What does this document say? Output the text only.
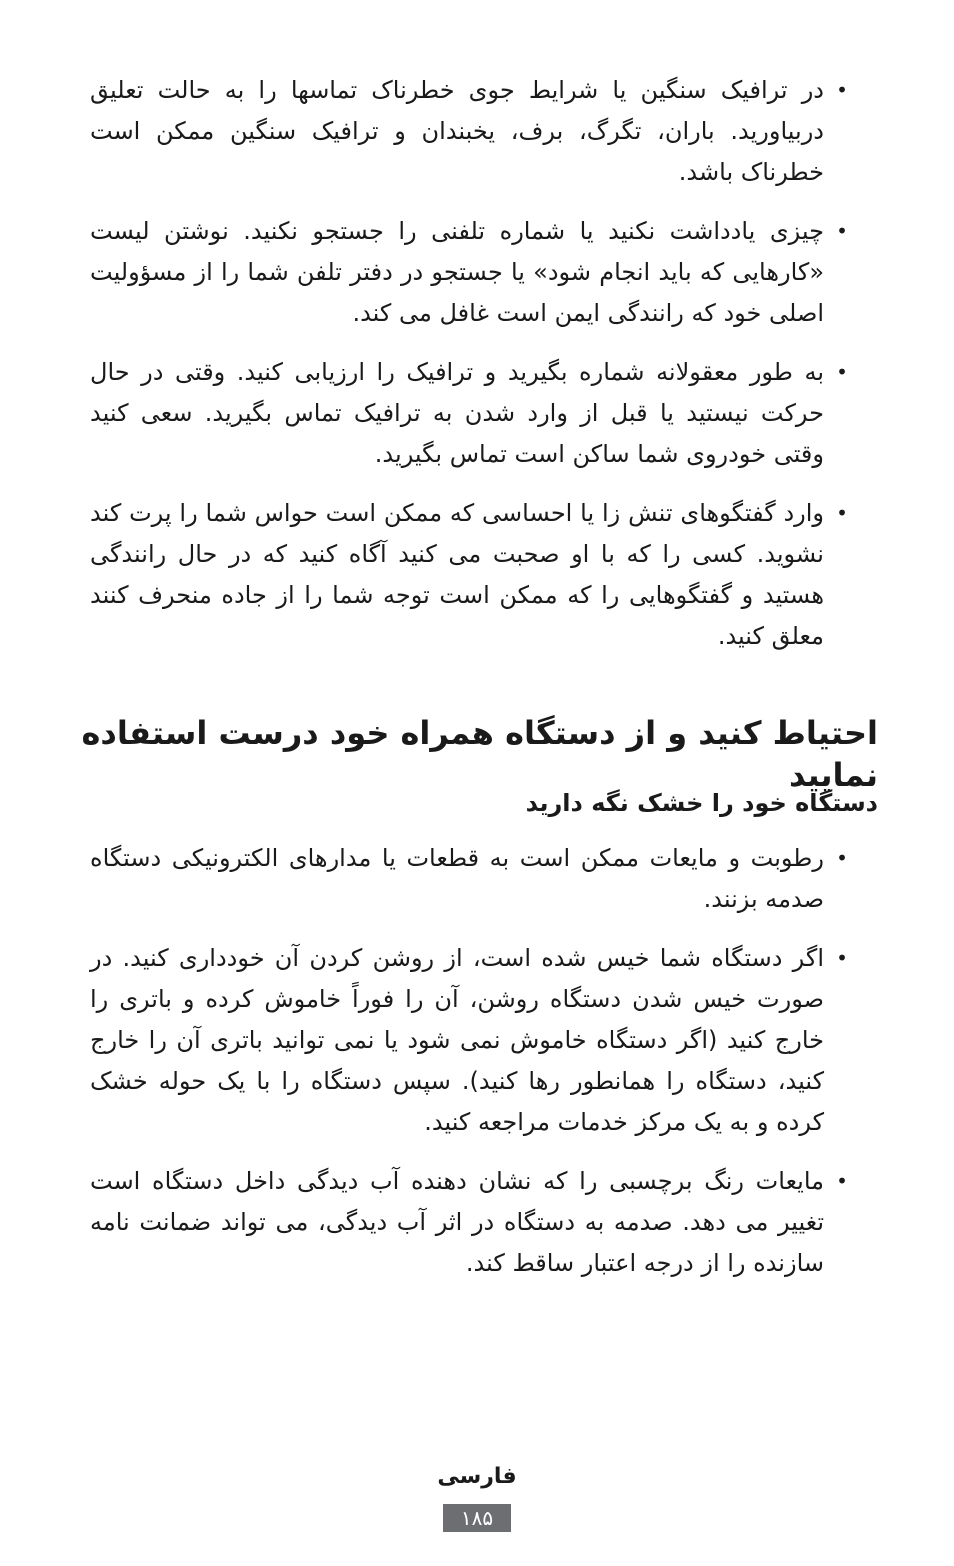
•
در ترافیک سنگین یا شرایط جوی خطرناک تماسها را به حالت تعلیق دربیاورید. باران، تگرگ، برف، یخبندان و ترافیک سنگین ممکن است خطرناک باشد.
•
چیزی یادداشت نکنید یا شماره تلفنی را جستجو نکنید. نوشتن لیست «کارهایی که باید انجام شود» یا جستجو در دفتر تلفن شما را از مسؤولیت اصلی خود که رانندگی ایمن است غافل می کند.
•
به طور معقولانه شماره بگیرید و ترافیک را ارزیابی کنید. وقتی در حال حرکت نیستید یا قبل از وارد شدن به ترافیک تماس بگیرید. سعی کنید وقتی خودروی شما ساکن است تماس بگیرید.
•
وارد گفتگوهای تنش زا یا احساسی که ممکن است حواس شما را پرت کند نشوید. کسی را که با او صحبت می کنید آگاه کنید که در حال رانندگی هستید و گفتگوهایی را که ممکن است توجه شما را از جاده منحرف کنند معلق کنید.
احتیاط کنید و از دستگاه همراه خود درست استفاده نمایید
دستگاه خود را خشک نگه دارید
•
رطوبت و مایعات ممکن است به قطعات یا مدارهای الکترونیکی دستگاه صدمه بزنند.
•
اگر دستگاه شما خیس شده است، از روشن کردن آن خودداری کنید. در صورت خیس شدن دستگاه روشن، آن را فوراً خاموش کرده و باتری را خارج کنید (اگر دستگاه خاموش نمی شود یا نمی توانید باتری آن را خارج کنید، دستگاه را همانطور رها کنید). سپس دستگاه را با یک حوله خشک کرده و به یک مرکز خدمات مراجعه کنید.
•
مایعات رنگ برچسبی را که نشان دهنده آب دیدگی داخل دستگاه است تغییر می دهد. صدمه به دستگاه در اثر آب دیدگی، می تواند ضمانت نامه سازنده را از درجه اعتبار ساقط کند.
فارسی
۱۸۵
